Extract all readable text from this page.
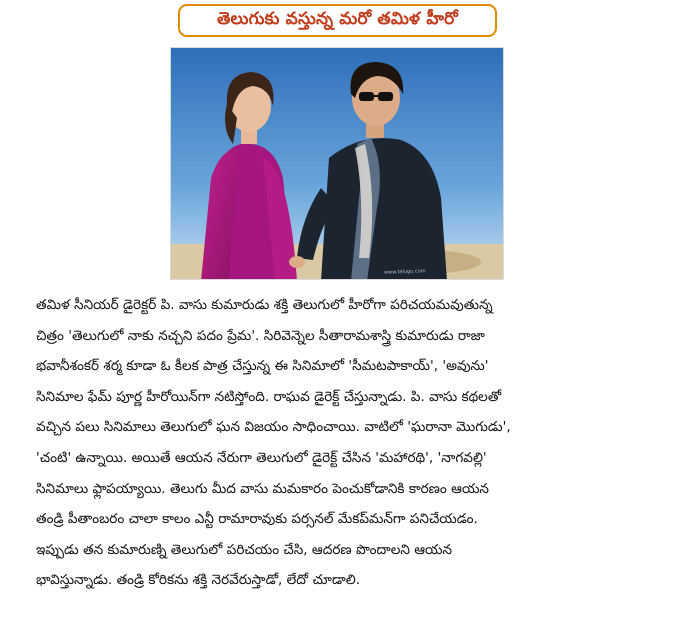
తెలుగుకు వస్తున్న మరో తమిళ హీరో
www.telugu.com
తమిళ సీనియర్ డైరెక్టర్ పి. వాసు కుమారుడు శక్తి తెలుగులో హీరోగా పరిచయమవుతున్న
చిత్రం 'తెలుగులో నాకు నచ్చని పదం ప్రేమ'. సిరివెన్నెల సీతారామశాస్త్రి కుమారుడు రాజా
భవానీశంకర్ శర్మ కూడా ఓ కీలక పాత్ర చేస్తున్న ఈ సినిమాలో 'సీమటపాకాయ్', 'అవును'
సినిమాల ఫేమ్ పూర్ణ హీరోయిన్‌గా నటిస్తోంది. రాఘవ డైరెక్ట్ చేస్తున్నాడు. పి. వాసు కథలతో
వచ్చిన పలు సినిమాలు తెలుగులో ఘన విజయం సాధించాయి. వాటిలో 'ఘరానా మొగుడు',
'చంటి' ఉన్నాయి. అయితే ఆయన నేరుగా తెలుగులో డైరెక్ట్ చేసిన 'మహారథి', 'నాగవల్లి'
సినిమాలు ఫ్లాపయ్యాయి. తెలుగు మీద వాసు మమకారం పెంచుకోడానికి కారణం ఆయన
తండ్రి పీతాంబరం చాలా కాలం ఎన్టీ రామారావుకు పర్సనల్ మేకప్‌మన్‌గా పనిచేయడం.
ఇప్పుడు తన కుమారుణ్ని తెలుగులో పరిచయం చేసి, ఆదరణ పొందాలని ఆయన
భావిస్తున్నాడు. తండ్రి కోరికను శక్తి నెరవేరుస్తాడో, లేదో చూడాలి.
